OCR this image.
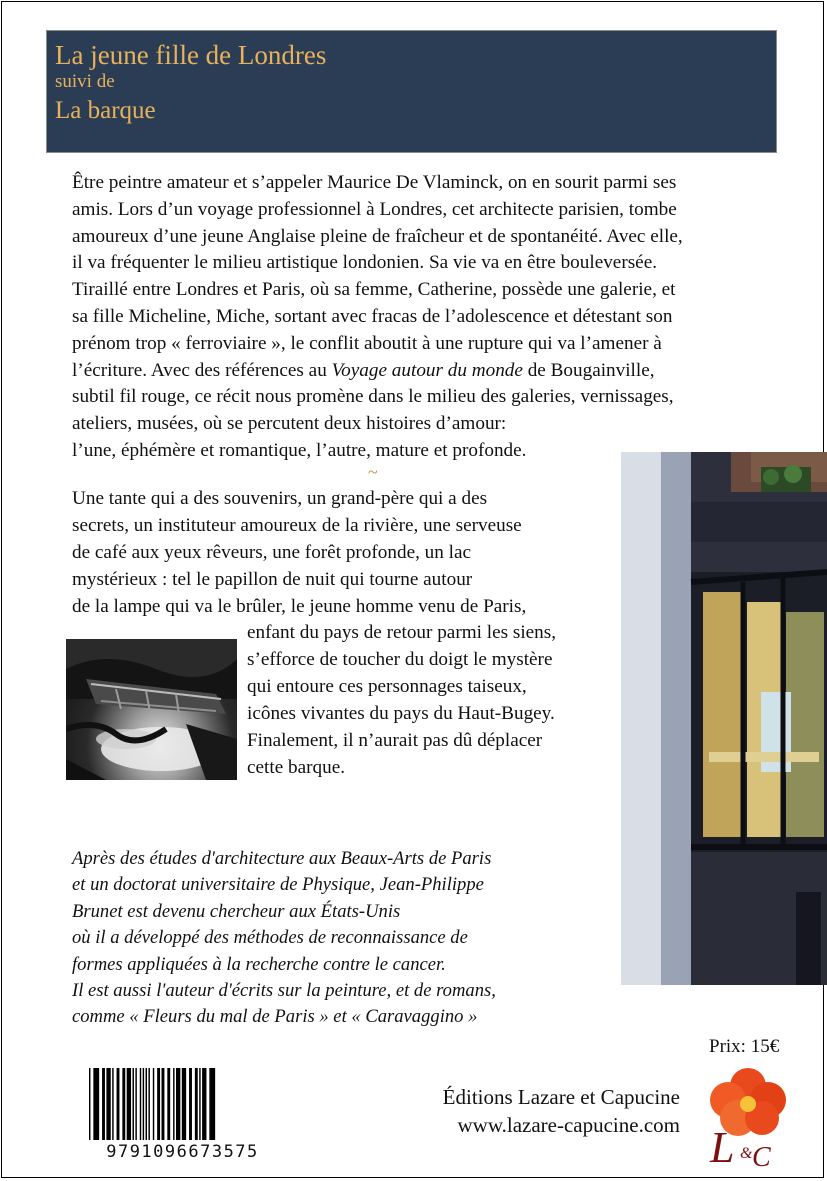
La jeune fille de Londres
suivi de
La barque
Être peintre amateur et s’appeler Maurice De Vlaminck, on en sourit parmi ses
amis. Lors d’un voyage professionnel à Londres, cet architecte parisien, tombe
amoureux d’une jeune Anglaise pleine de fraîcheur et de spontanéité. Avec elle,
il va fréquenter le milieu artistique londonien. Sa vie va en être bouleversée.
Tiraillé entre Londres et Paris, où sa femme, Catherine, possède une galerie, et
sa fille Micheline, Miche, sortant avec fracas de l’adolescence et détestant son
prénom trop « ferroviaire », le conflit aboutit à une rupture qui va l’amener à
l’écriture. Avec des références au Voyage autour du monde de Bougainville,
subtil fil rouge, ce récit nous promène dans le milieu des galeries, vernissages,
ateliers, musées, où se percutent deux histoires d’amour:
l’une, éphémère et romantique, l’autre, mature et profonde.
~
Une tante qui a des souvenirs, un grand-père qui a des
secrets, un instituteur amoureux de la rivière, une serveuse
de café aux yeux rêveurs, une forêt profonde, un lac
mystérieux : tel le papillon de nuit qui tourne autour
de la lampe qui va le brûler, le jeune homme venu de Paris,
enfant du pays de retour parmi les siens,
s’efforce de toucher du doigt le mystère
qui entoure ces personnages taiseux,
icônes vivantes du pays du Haut-Bugey.
Finalement, il n’aurait pas dû déplacer
cette barque.
Après des études d'architecture aux Beaux-Arts de Paris
et un doctorat universitaire de Physique, Jean-Philippe
Brunet est devenu chercheur aux États-Unis
où il a développé des méthodes de reconnaissance de
formes appliquées à la recherche contre le cancer.
Il est aussi l'auteur d'écrits sur la peinture, et de romans,
comme « Fleurs du mal de Paris » et « Caravaggino »
Prix: 15€
9791096673575
Éditions Lazare et Capucine
www.lazare-capucine.com L & C
